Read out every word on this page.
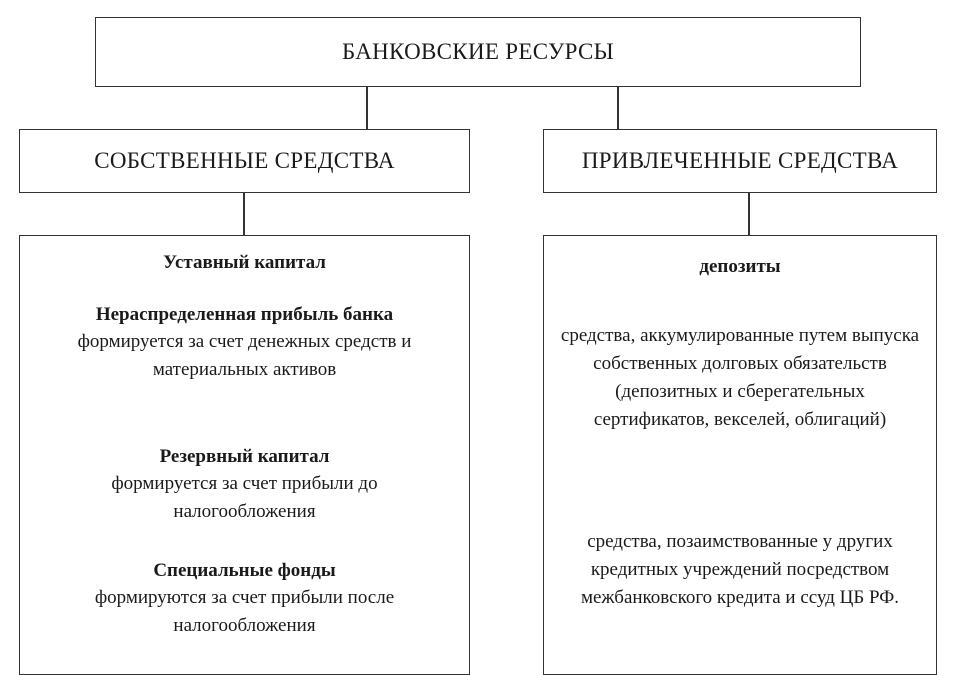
БАНКОВСКИЕ РЕСУРСЫ
СОБСТВЕННЫЕ СРЕДСТВА	ПРИВЛЕЧЕННЫЕ СРЕДСТВА
Уставный капитал
Нераспределенная прибыль банка
формируется за счет денежных средств и материальных активов
Резервный капитал
формируется за счет прибыли до налогообложения
Специальные фонды
формируются за счет прибыли после налогообложения
депозиты
средства, аккумулированные путем выпуска собственных долговых обязательств (депозитных и сберегательных сертификатов, векселей, облигаций)
средства, позаимствованные у других кредитных учреждений посредством межбанковского кредита и ссуд ЦБ РФ.
